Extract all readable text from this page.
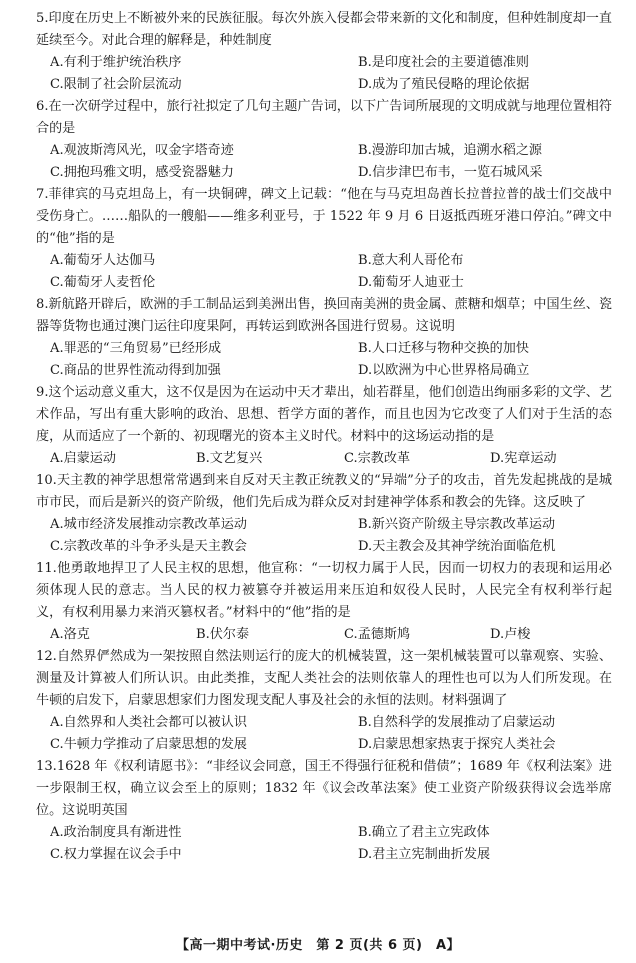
5.印度在历史上不断被外来的民族征服。每次外族入侵都会带来新的文化和制度，但种姓制度却一直延续至今。对此合理的解释是，种姓制度

A.有利于维护统治秩序	B.是印度社会的主要道德准则
C.限制了社会阶层流动	D.成为了殖民侵略的理论依据

6.在一次研学过程中，旅行社拟定了几句主题广告词，以下广告词所展现的文明成就与地理位置相符合的是

A.观波斯湾风光，叹金字塔奇迹	B.漫游印加古城，追溯水稻之源
C.拥抱玛雅文明，感受瓷器魅力	D.信步津巴布韦，一览石城风采

7.菲律宾的马克坦岛上，有一块铜碑，碑文上记载：“他在与马克坦岛酋长拉普拉普的战士们交战中受伤身亡。……船队的一艘船——维多利亚号，于 1522 年 9 月 6 日返抵西班牙港口停泊。”碑文中的“他”指的是

A.葡萄牙人达伽马	B.意大利人哥伦布
C.葡萄牙人麦哲伦	D.葡萄牙人迪亚士

8.新航路开辟后，欧洲的手工制品运到美洲出售，换回南美洲的贵金属、蔗糖和烟草；中国生丝、瓷器等货物也通过澳门运往印度果阿，再转运到欧洲各国进行贸易。这说明

A.罪恶的“三角贸易”已经形成	B.人口迁移与物种交换的加快
C.商品的世界性流动得到加强	D.以欧洲为中心世界格局确立

9.这个运动意义重大，这不仅是因为在运动中天才辈出，灿若群星，他们创造出绚丽多彩的文学、艺术作品，写出有重大影响的政治、思想、哲学方面的著作，而且也因为它改变了人们对于生活的态度，从而适应了一个新的、初现曙光的资本主义时代。材料中的这场运动指的是

A.启蒙运动	B.文艺复兴	C.宗教改革	D.宪章运动

10.天主教的神学思想常常遇到来自反对天主教正统教义的“异端”分子的攻击，首先发起挑战的是城市市民，而后是新兴的资产阶级，他们先后成为群众反对封建神学体系和教会的先锋。这反映了

A.城市经济发展推动宗教改革运动	B.新兴资产阶级主导宗教改革运动
C.宗教改革的斗争矛头是天主教会	D.天主教会及其神学统治面临危机

11.他勇敢地捍卫了人民主权的思想，他宣称：“一切权力属于人民，因而一切权力的表现和运用必须体现人民的意志。当人民的权力被篡夺并被运用来压迫和奴役人民时，人民完全有权利举行起义，有权利用暴力来消灭篡权者。”材料中的“他”指的是

A.洛克	B.伏尔泰	C.孟德斯鸠	D.卢梭

12.自然界俨然成为一架按照自然法则运行的庞大的机械装置，这一架机械装置可以靠观察、实验、测量及计算被人们所认识。由此类推，支配人类社会的法则依靠人的理性也可以为人们所发现。在牛顿的启发下，启蒙思想家们力图发现支配人事及社会的永恒的法则。材料强调了

A.自然界和人类社会都可以被认识	B.自然科学的发展推动了启蒙运动
C.牛顿力学推动了启蒙思想的发展	D.启蒙思想家热衷于探究人类社会

13.1628 年《权利请愿书》：“非经议会同意，国王不得强行征税和借债”；1689 年《权利法案》进一步限制王权，确立议会至上的原则；1832 年《议会改革法案》使工业资产阶级获得议会选举席位。这说明英国

A.政治制度具有渐进性	B.确立了君主立宪政体
C.权力掌握在议会手中	D.君主立宪制曲折发展
【高一期中考试·历史　第 2 页(共 6 页)　A】
